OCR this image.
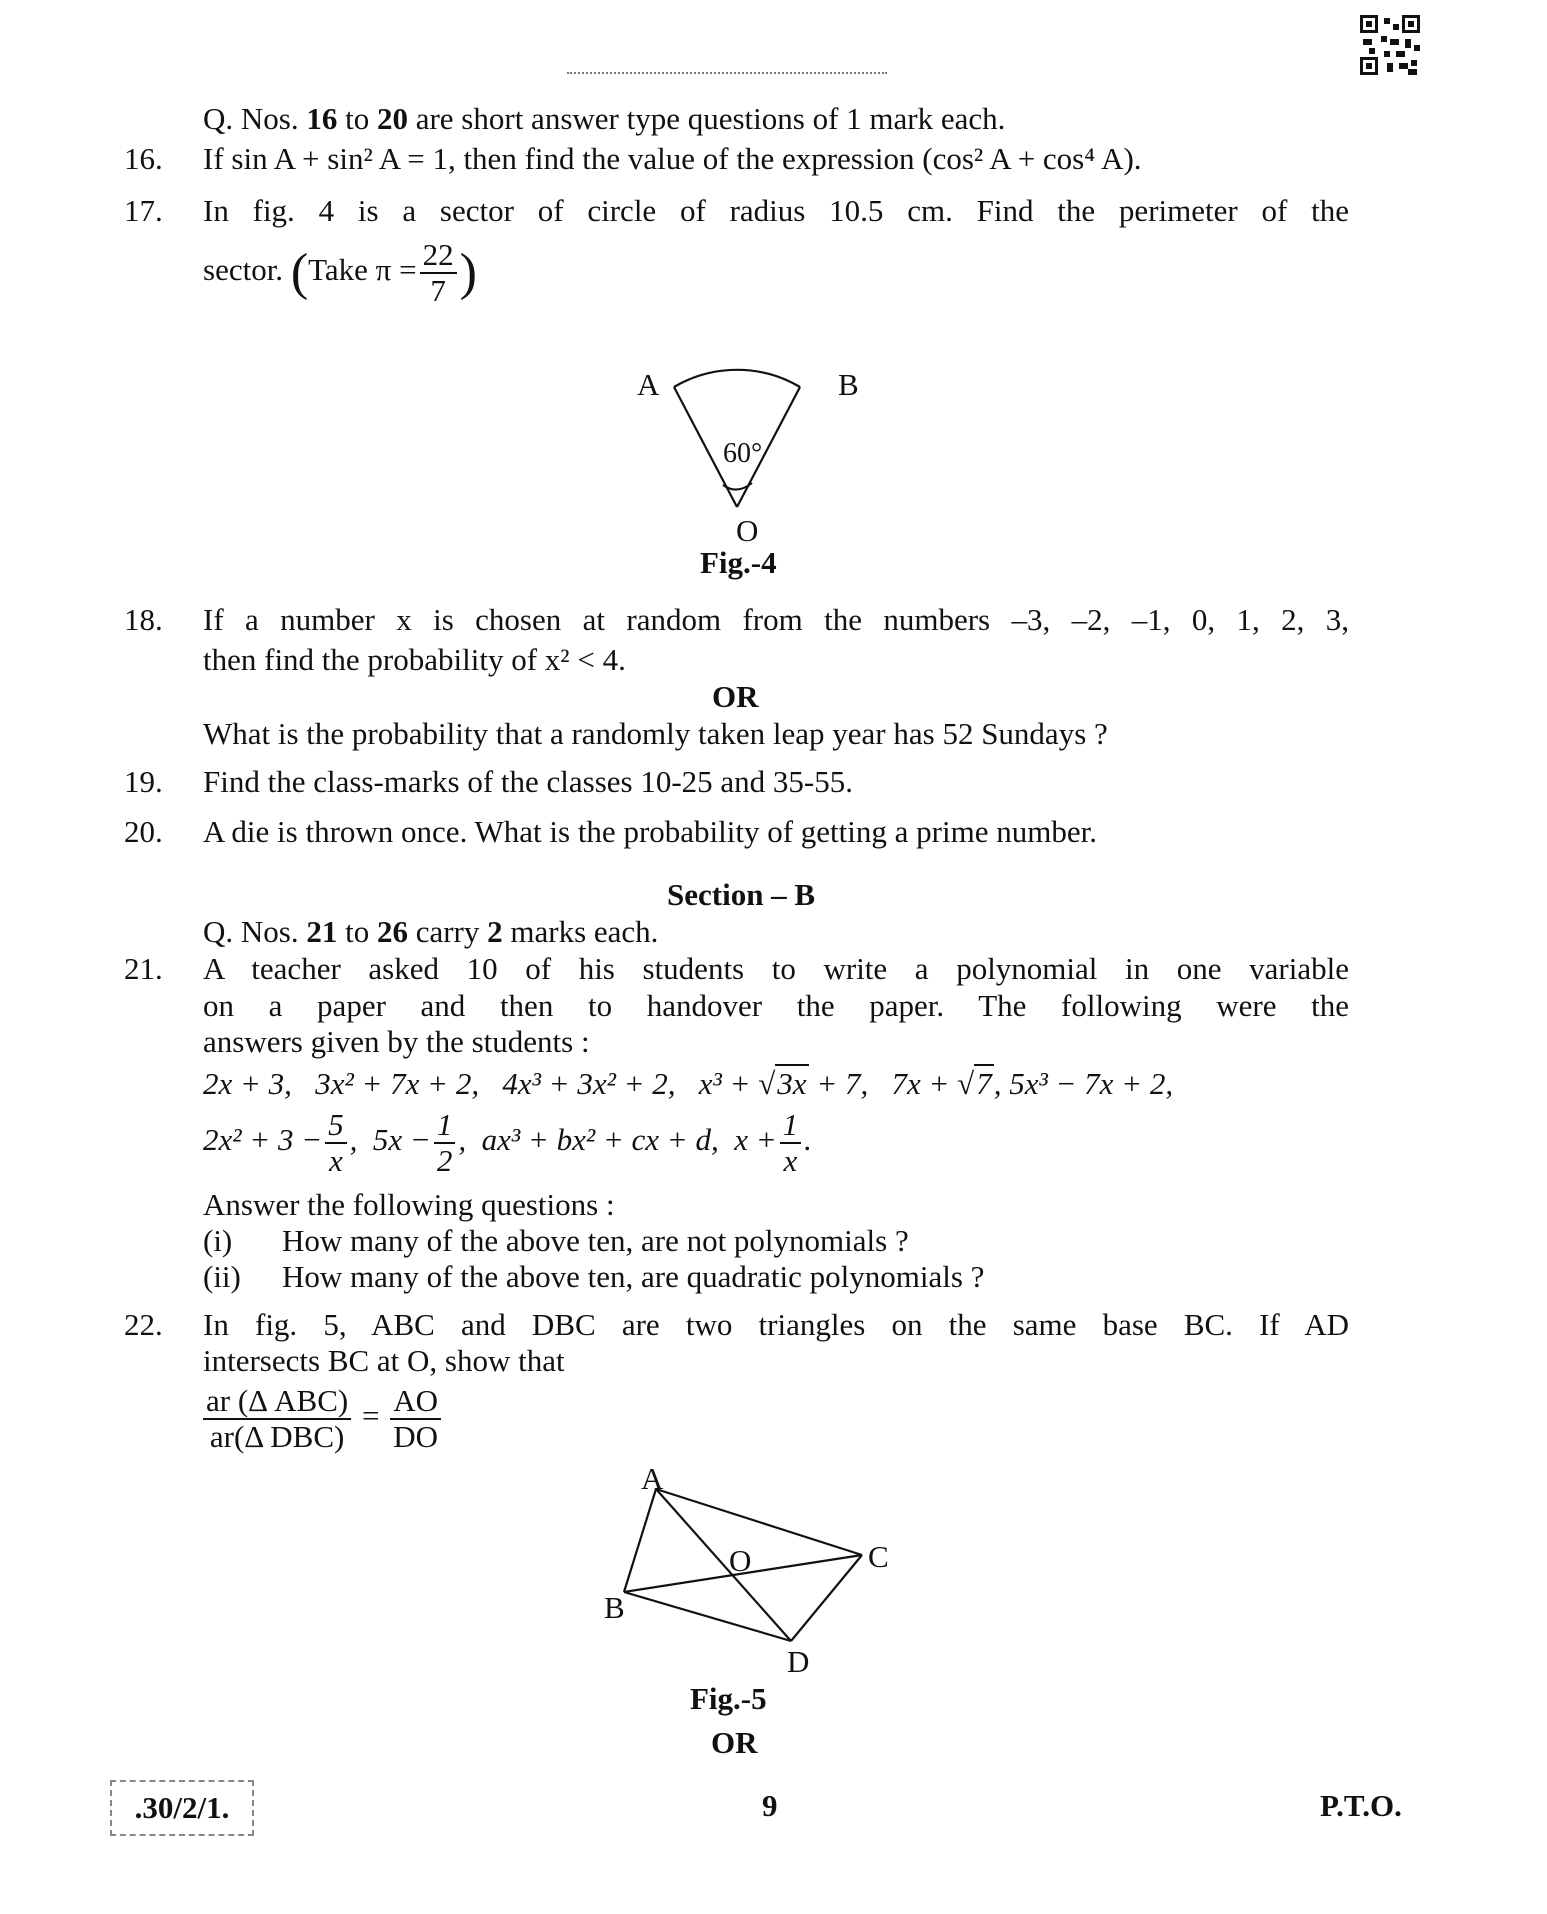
Q. Nos. 16 to 20 are short answer type questions of 1 mark each.
16. If sin A + sin² A = 1, then find the value of the expression (cos² A + cos⁴ A).
17. In fig. 4 is a sector of circle of radius 10.5 cm. Find the perimeter of the
sector. (Take $\pi = \frac{22}{7}$ )
A	B
60°
O
Fig.-4
18. If a number x is chosen at random from the numbers –3, –2, –1, 0, 1, 2, 3,
then find the probability of x² < 4.
OR
What is the probability that a randomly taken leap year has 52 Sundays ?
19. Find the class-marks of the classes 10-25 and 35-55.
20. A die is thrown once. What is the probability of getting a prime number.
Section – B
Q. Nos. 21 to 26 carry 2 marks each.
21. A teacher asked 10 of his students to write a polynomial in one variable
on a paper and then to handover the paper. The following were the
answers given by the students :
2x + 3, 3x² + 7x + 2, 4x³ + 3x² + 2, x³ + √3x + 7, 7x + √7, 5x³ − 7x + 2,
$2x^2 + 3 - \frac{5}{x}$ , $5x - \frac{1}{2}$ , ax³ + bx² + cx + d, $x + \frac{1}{x}$ .
Answer the following questions :
(i) How many of the above ten, are not polynomials ?
(ii) How many of the above ten, are quadratic polynomials ?
22. In fig. 5, ABC and DBC are two triangles on the same base BC. If AD
intersects BC at O, show that
$\frac{\text{ar (Δ ABC)}}{\text{ar(Δ DBC)}} = \frac{AO}{DO}$
A
B
C
D
O
Fig.-5
OR
.30/2/1.	9	P.T.O.
